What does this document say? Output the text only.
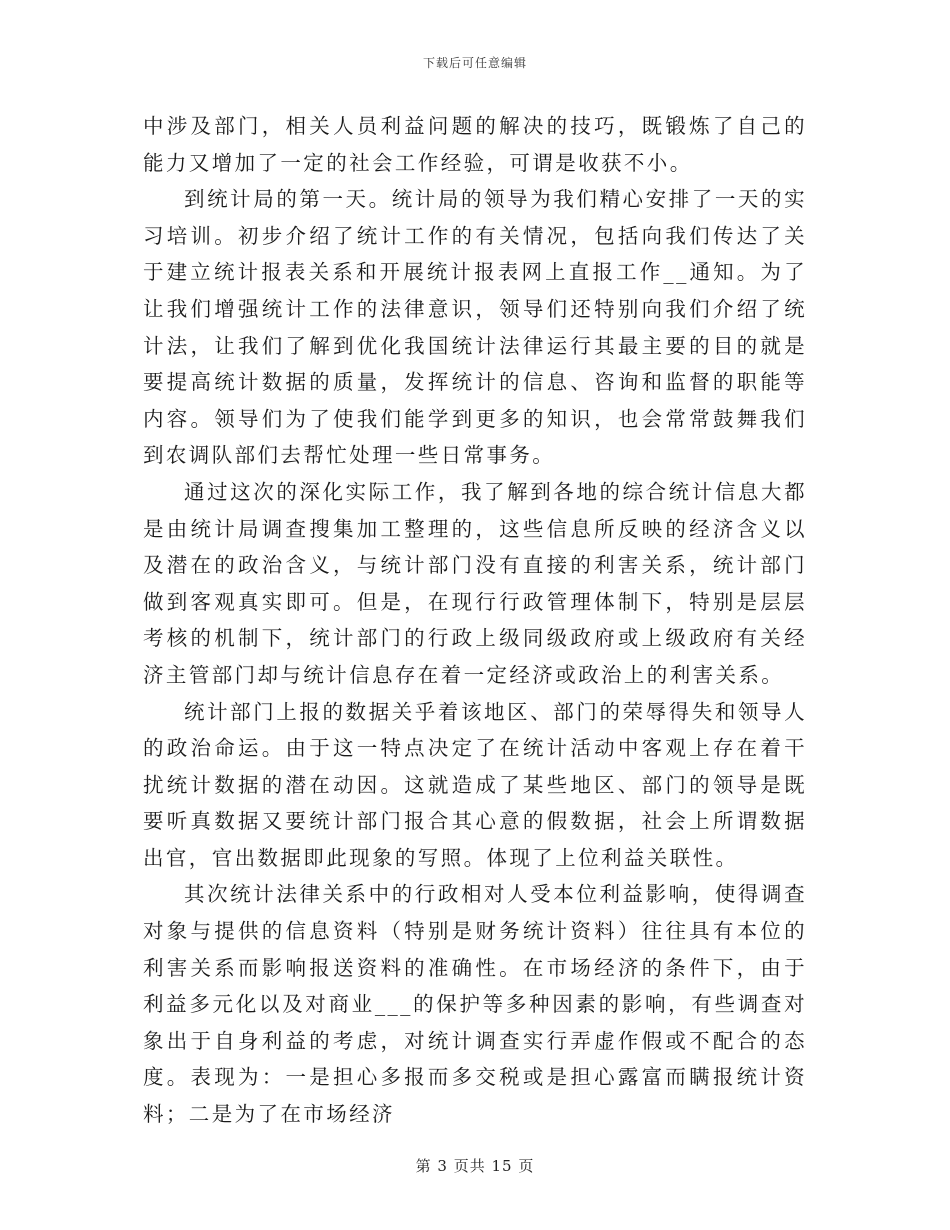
下载后可任意编辑

中涉及部门，相关人员利益问题的解决的技巧，既锻炼了自己的能力又增加了一定的社会工作经验，可谓是收获不小。

到统计局的第一天。统计局的领导为我们精心安排了一天的实习培训。初步介绍了统计工作的有关情况，包括向我们传达了关于建立统计报表关系和开展统计报表网上直报工作__通知。为了让我们增强统计工作的法律意识，领导们还特别向我们介绍了统计法，让我们了解到优化我国统计法律运行其最主要的目的就是要提高统计数据的质量，发挥统计的信息、咨询和监督的职能等内容。领导们为了使我们能学到更多的知识，也会常常鼓舞我们到农调队部们去帮忙处理一些日常事务。

通过这次的深化实际工作，我了解到各地的综合统计信息大都是由统计局调查搜集加工整理的，这些信息所反映的经济含义以及潜在的政治含义，与统计部门没有直接的利害关系，统计部门做到客观真实即可。但是，在现行行政管理体制下，特别是层层考核的机制下，统计部门的行政上级同级政府或上级政府有关经济主管部门却与统计信息存在着一定经济或政治上的利害关系。

统计部门上报的数据关乎着该地区、部门的荣辱得失和领导人的政治命运。由于这一特点决定了在统计活动中客观上存在着干扰统计数据的潜在动因。这就造成了某些地区、部门的领导是既要听真数据又要统计部门报合其心意的假数据，社会上所谓数据出官，官出数据即此现象的写照。体现了上位利益关联性。

其次统计法律关系中的行政相对人受本位利益影响，使得调查对象与提供的信息资料（特别是财务统计资料）往往具有本位的利害关系而影响报送资料的准确性。在市场经济的条件下，由于利益多元化以及对商业___的保护等多种因素的影响，有些调查对象出于自身利益的考虑，对统计调查实行弄虚作假或不配合的态度。表现为：一是担心多报而多交税或是担心露富而瞒报统计资料；二是为了在市场经济

第 3 页共 15 页
